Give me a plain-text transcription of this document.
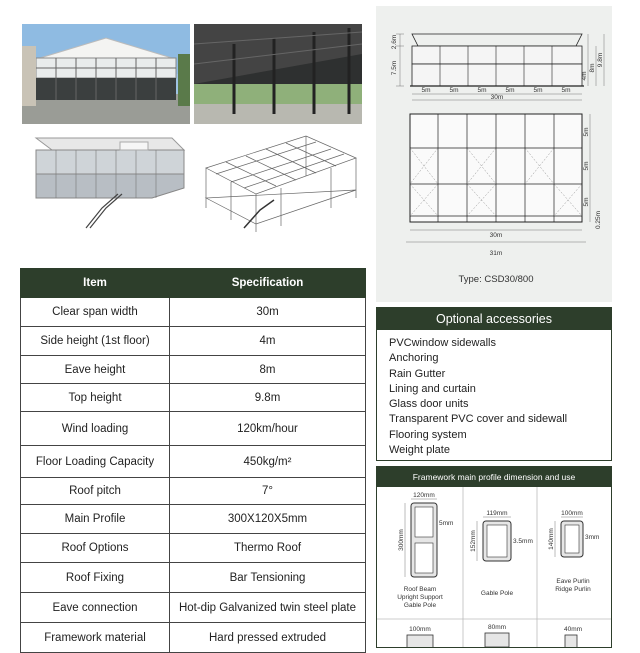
2.6m
7.5m
4m
8m
9.8m
5m	5m	5m	5m	5m	5m
30m
5m
5m
5m
0.25m
30m
31m
Type: CSD30/800
Item	Specification
Clear span width	30m
Side height (1st floor)	4m
Eave height	8m
Top height	9.8m
Wind loading	120km/hour
Floor Loading Capacity	450kg/m²
Roof pitch	7°
Main Profile	300X120X5mm
Roof Options	Thermo Roof
Roof Fixing	Bar Tensioning
Eave connection	Hot-dip Galvanized twin steel plate
Framework material	Hard pressed extruded
Optional accessories
PVCwindow sidewalls
Anchoring
Rain Gutter
Lining and curtain
Glass door units
Transparent PVC cover and sidewall
Flooring system
Weight plate
Framework main profile dimension and use
120mm
300mm
5mm
Roof Beam
Upright Support
Gable Pole
119mm
152mm	3.5mm
Gable Pole
100mm
140mm	3mm
Eave Purlin
Ridge Purlin
100mm	80mm	40mm
